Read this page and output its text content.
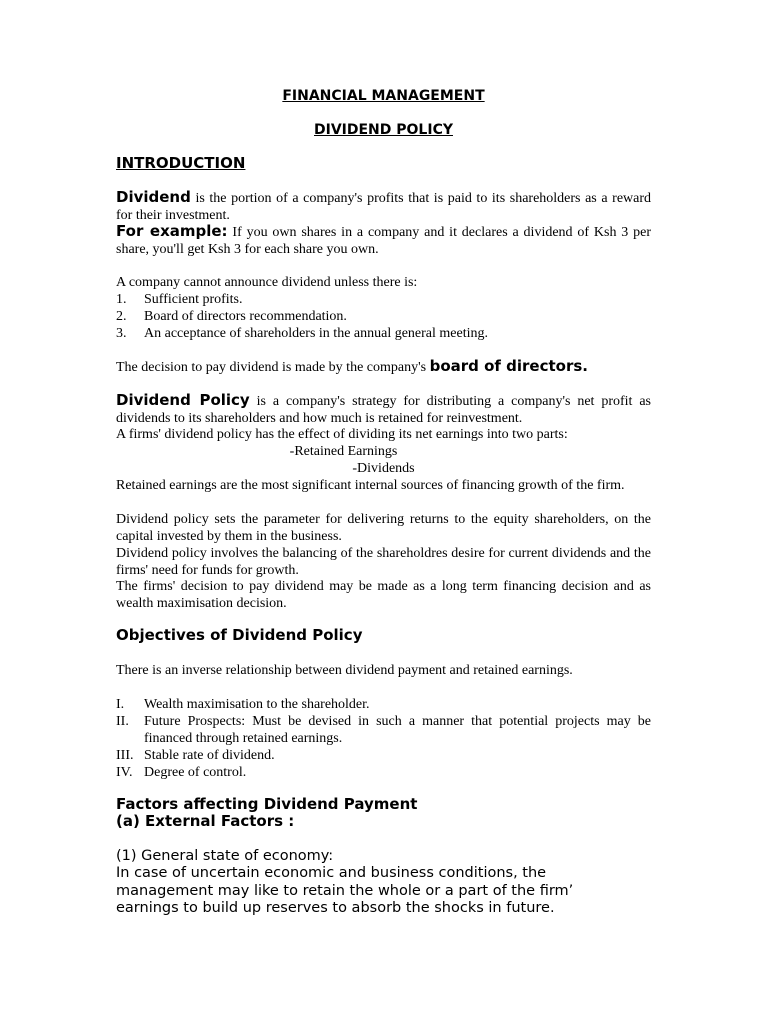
FINANCIAL MANAGEMENT
DIVIDEND POLICY
INTRODUCTION
Dividend is the portion of a company's profits that is paid to its shareholders as a reward for their investment.
For example: If you own shares in a company and it declares a dividend of Ksh 3 per share, you'll get Ksh 3 for each share you own.
A company cannot announce dividend unless there is:
1. Sufficient profits.
2. Board of directors recommendation.
3. An acceptance of shareholders in the annual general meeting.
The decision to pay dividend is made by the company's board of directors.
Dividend Policy is a company's strategy for distributing a company's net profit as dividends to its shareholders and how much is retained for reinvestment.
A firms' dividend policy has the effect of dividing its net earnings into two parts:
-Retained Earnings
-Dividends
Retained earnings are the most significant internal sources of financing growth of the firm.
Dividend policy sets the parameter for delivering returns to the equity shareholders, on the capital invested by them in the business.
Dividend policy involves the balancing of the shareholdres desire for current dividends and the firms' need for funds for growth.
The firms' decision to pay dividend may be made as a long term financing decision and as wealth maximisation decision.
Objectives of Dividend Policy
There is an inverse relationship between dividend payment and retained earnings.
I. Wealth maximisation to the shareholder.
II. Future Prospects: Must be devised in such a manner that potential projects may be financed through retained earnings.
III. Stable rate of dividend.
IV. Degree of control.
Factors affecting Dividend Payment
(a) External Factors :
(1) General state of economy:
In case of uncertain economic and business conditions, the management may like to retain the whole or a part of the firm’ earnings to build up reserves to absorb the shocks in future.
